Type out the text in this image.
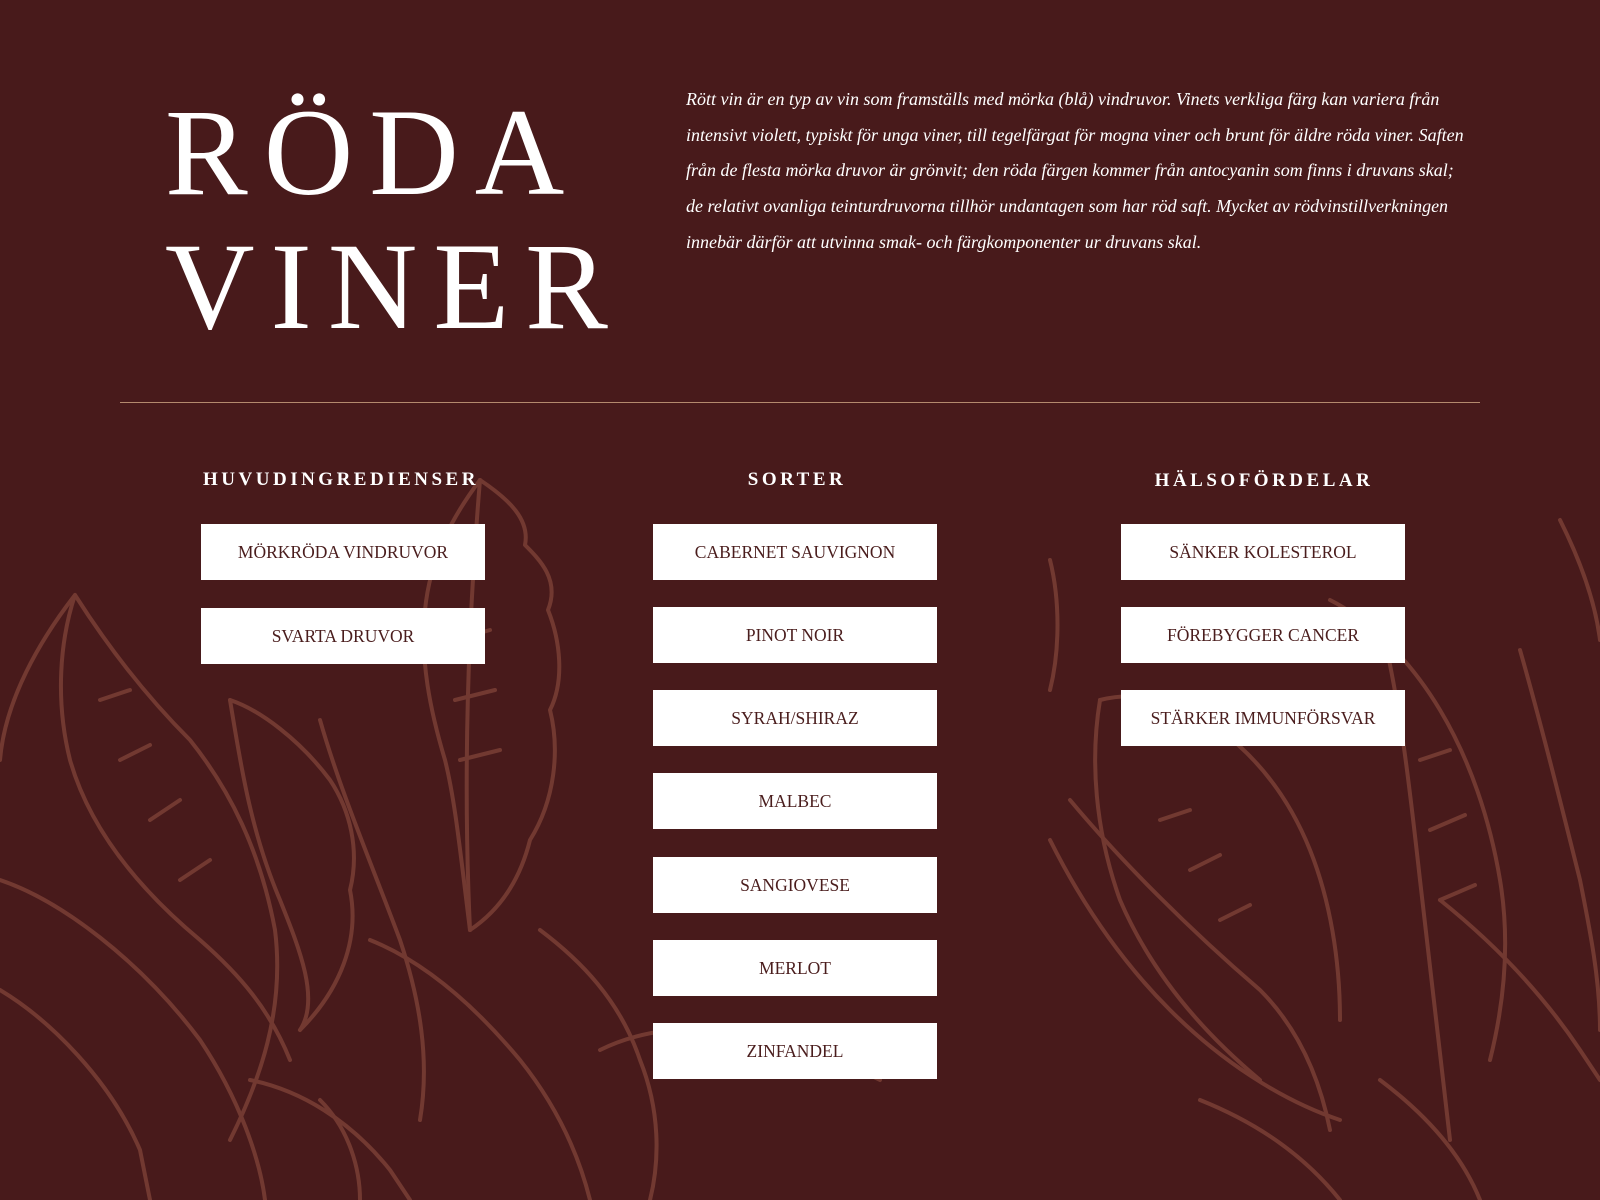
RÖDA
VINER

Rött vin är en typ av vin som framställs med mörka (blå) vindruvor. Vinets verkliga färg kan variera från intensivt violett, typiskt för unga viner, till tegelfärgat för mogna viner och brunt för äldre röda viner. Saften från de flesta mörka druvor är grönvit; den röda färgen kommer från antocyanin som finns i druvans skal; de relativt ovanliga teinturdruvorna tillhör undantagen som har röd saft. Mycket av rödvinstillverkningen innebär därför att utvinna smak- och färgkomponenter ur druvans skal.

HUVUDINGREDIENSER
MÖRKRÖDA VINDRUVOR
SVARTA DRUVOR
SORTER
CABERNET SAUVIGNON
PINOT NOIR
SYRAH/SHIRAZ
MALBEC
SANGIOVESE
MERLOT
ZINFANDEL
HÄLSOFÖRDELAR
SÄNKER KOLESTEROL
FÖREBYGGER CANCER
STÄRKER IMMUNFÖRSVAR
